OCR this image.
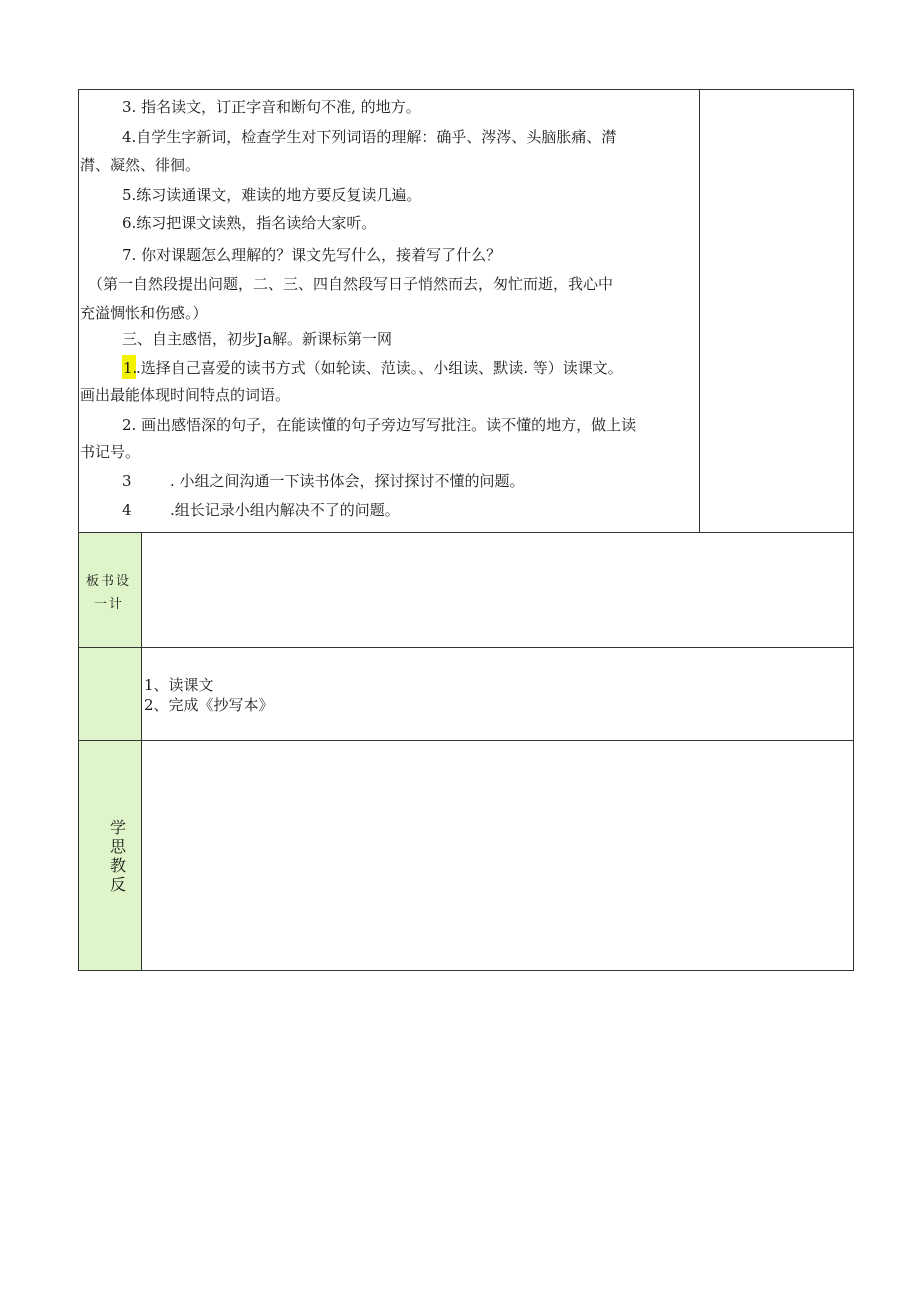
3. 指名读文，订正字音和断句不准, 的地方。
4.自学生字新词，检查学生对下列词语的理解：确乎、涔涔、头脑胀痛、潸
潸、凝然、徘徊。
5.练习读通课文，难读的地方要反复读几遍。
6.练习把课文读熟，指名读给大家听。
7. 你对课题怎么理解的？课文先写什么，接着写了什么？
（第一自然段提出问题，二、三、四自然段写日子悄然而去，匆忙而逝，我心中
充溢惆怅和伤感。）
三、自主感悟，初步Ja解。新课标第一网
1.
.选择自己喜爱的读书方式（如轮读、范读。、小组读、默读. 等）读课文。
画出最能体现时间特点的词语。
2. 画出感悟深的句子，在能读懂的句子旁边写写批注。读不懂的地方，做上读
书记号。
3	. 小组之间沟通一下读书体会，探讨探讨不懂的问题。
4	.组长记录小组内解决不了的问题。
板书设
一计
1、读课文
2、完成《抄写本》
学
思
教
反
